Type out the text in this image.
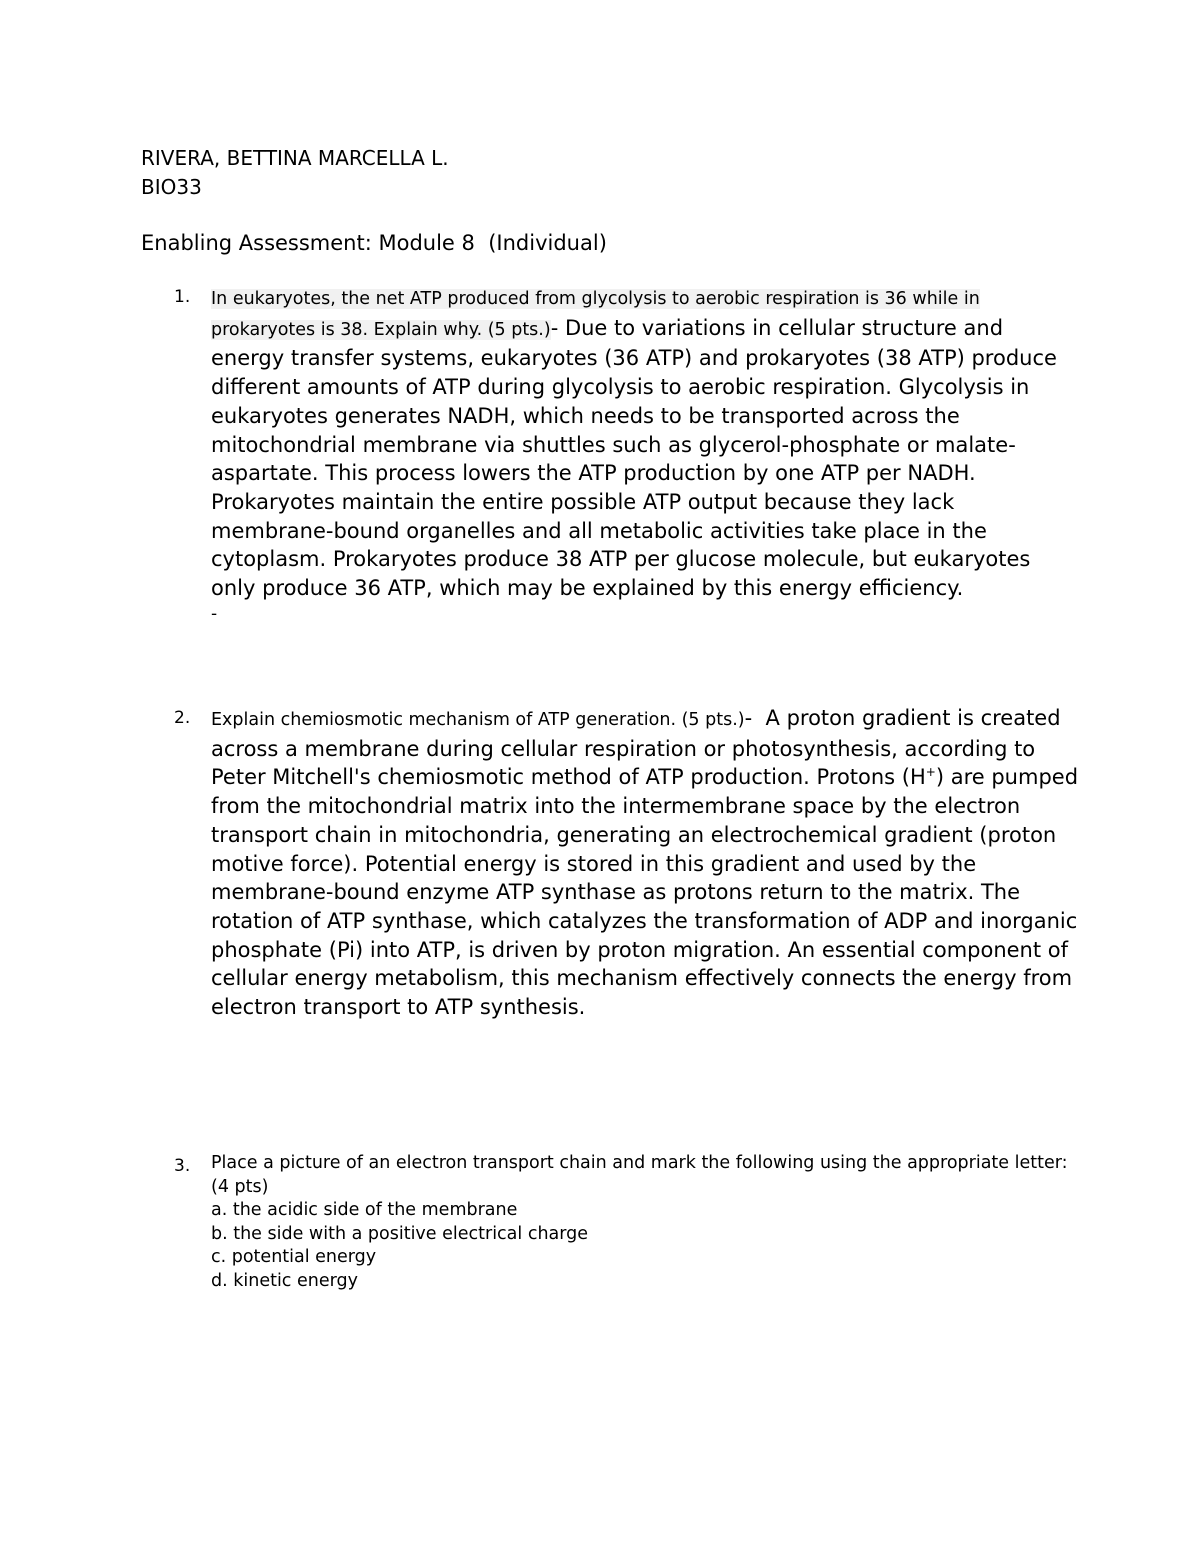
RIVERA, BETTINA MARCELLA L.
BIO33
Enabling Assessment: Module 8  (Individual)
1. In eukaryotes, the net ATP produced from glycolysis to aerobic respiration is 36 while in prokaryotes is 38. Explain why. (5 pts.)- Due to variations in cellular structure and energy transfer systems, eukaryotes (36 ATP) and prokaryotes (38 ATP) produce different amounts of ATP during glycolysis to aerobic respiration. Glycolysis in eukaryotes generates NADH, which needs to be transported across the mitochondrial membrane via shuttles such as glycerol-phosphate or malate-aspartate. This process lowers the ATP production by one ATP per NADH. Prokaryotes maintain the entire possible ATP output because they lack membrane-bound organelles and all metabolic activities take place in the cytoplasm. Prokaryotes produce 38 ATP per glucose molecule, but eukaryotes only produce 36 ATP, which may be explained by this energy efficiency.
-
2. Explain chemiosmotic mechanism of ATP generation. (5 pts.)-  A proton gradient is created across a membrane during cellular respiration or photosynthesis, according to Peter Mitchell's chemiosmotic method of ATP production. Protons (H+) are pumped from the mitochondrial matrix into the intermembrane space by the electron transport chain in mitochondria, generating an electrochemical gradient (proton motive force). Potential energy is stored in this gradient and used by the membrane-bound enzyme ATP synthase as protons return to the matrix. The rotation of ATP synthase, which catalyzes the transformation of ADP and inorganic phosphate (Pi) into ATP, is driven by proton migration. An essential component of cellular energy metabolism, this mechanism effectively connects the energy from electron transport to ATP synthesis.
3. Place a picture of an electron transport chain and mark the following using the appropriate letter: (4 pts)
a. the acidic side of the membrane
b. the side with a positive electrical charge
c. potential energy
d. kinetic energy
